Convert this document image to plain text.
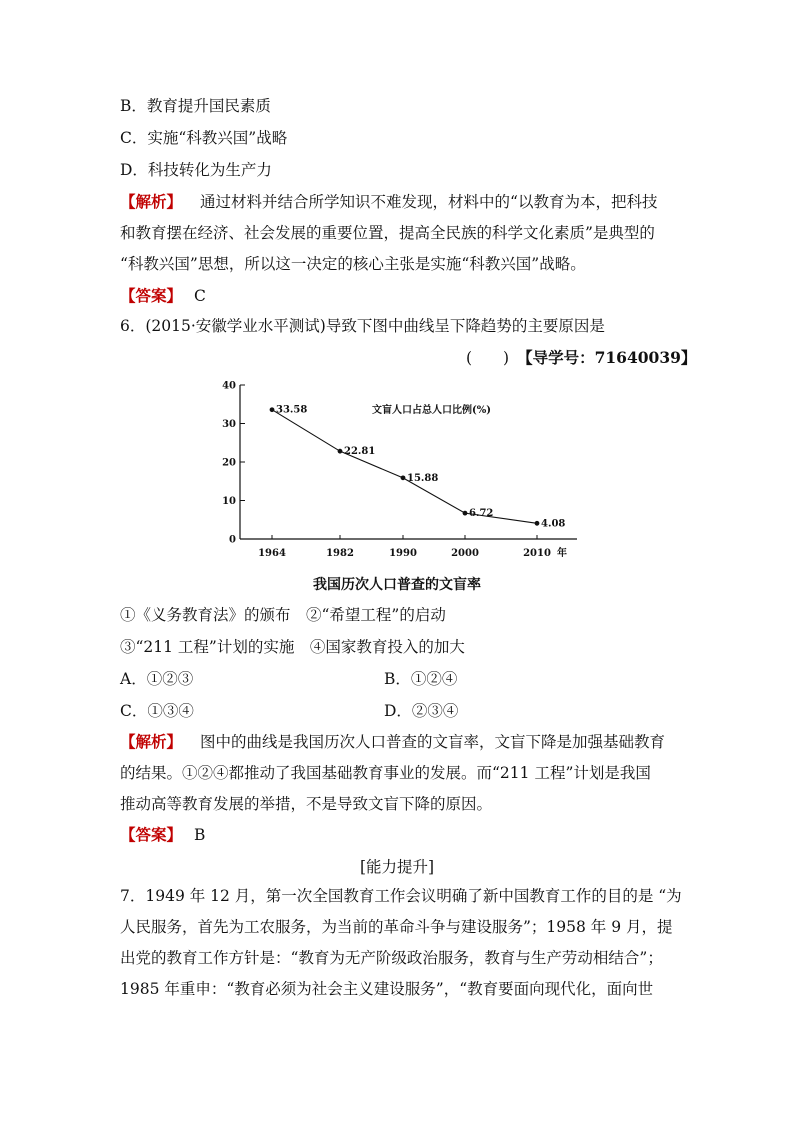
B．教育提升国民素质
C．实施“科教兴国”战略
D．科技转化为生产力
【解析】 通过材料并结合所学知识不难发现，材料中的“以教育为本，把科技
和教育摆在经济、社会发展的重要位置，提高全民族的科学文化素质”是典型的
“科教兴国”思想，所以这一决定的核心主张是实施“科教兴国”战略。
【答案】 C
6．(2015·安徽学业水平测试)导致下图中曲线呈下降趋势的主要原因是
(　　) 【导学号：71640039】
0
10
20
30
40
1964	1982	1990	2000	2010 年
33.58
22.81
15.88
6.72
4.08
文盲人口占总人口比例(%)
我国历次人口普查的文盲率
①《义务教育法》的颁布　②“希望工程”的启动
③“211 工程”计划的实施　④国家教育投入的加大
A．①②③	B．①②④
C．①③④	D．②③④
【解析】 图中的曲线是我国历次人口普查的文盲率，文盲下降是加强基础教育
的结果。①②④都推动了我国基础教育事业的发展。而“211 工程”计划是我国
推动高等教育发展的举措，不是导致文盲下降的原因。
【答案】 B
[能力提升]
7．1949 年 12 月，第一次全国教育工作会议明确了新中国教育工作的目的是 “为
人民服务，首先为工农服务，为当前的革命斗争与建设服务”；1958 年 9 月，提
出党的教育工作方针是：“教育为无产阶级政治服务，教育与生产劳动相结合”；
1985 年重申：“教育必须为社会主义建设服务”，“教育要面向现代化，面向世
